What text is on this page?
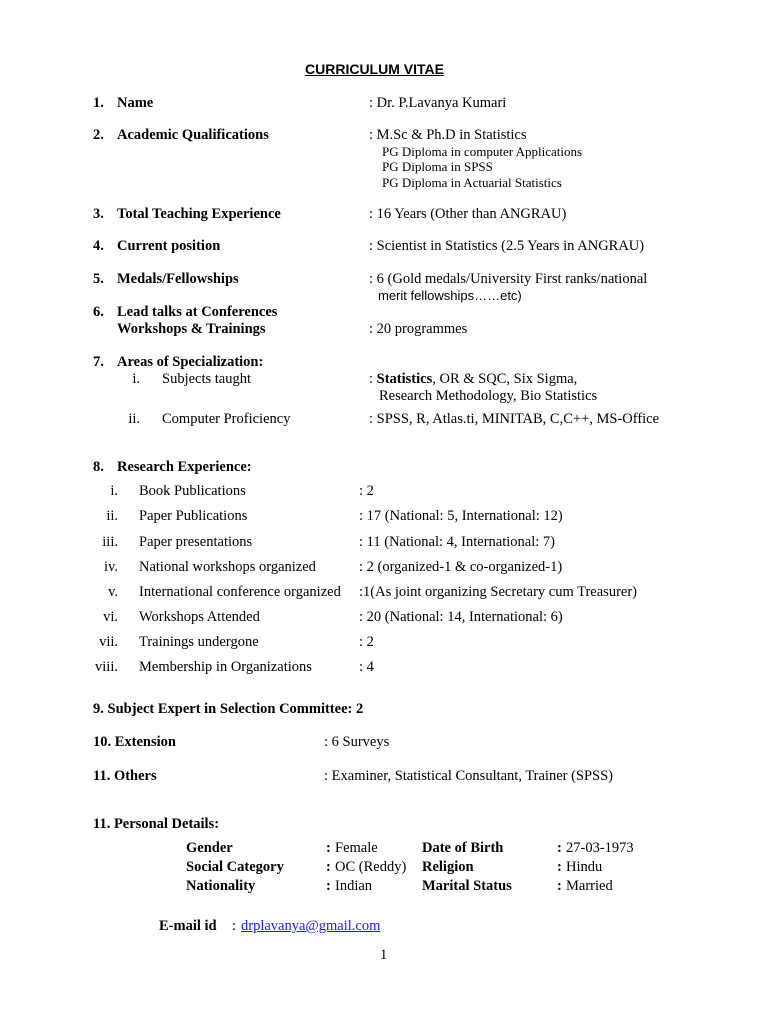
CURRICULUM VITAE
1. Name	: Dr. P.Lavanya Kumari
2. Academic Qualifications	: M.Sc & Ph.D in Statistics
PG Diploma in computer Applications
PG Diploma in SPSS
PG Diploma in Actuarial Statistics
3. Total Teaching Experience	: 16 Years (Other than ANGRAU)
4. Current position	: Scientist in Statistics (2.5 Years in ANGRAU)
5. Medals/Fellowships	: 6 (Gold medals/University First ranks/national
merit fellowships……etc)
6. Lead talks at Conferences
Workshops & Trainings	: 20 programmes
7. Areas of Specialization:
i. Subjects taught	: Statistics, OR & SQC, Six Sigma,
Research Methodology, Bio Statistics
ii. Computer Proficiency	: SPSS, R, Atlas.ti, MINITAB, C,C++, MS-Office
8. Research Experience:
i. Book Publications	: 2
ii. Paper Publications	: 17 (National: 5, International: 12)
iii. Paper presentations	: 11 (National: 4, International: 7)
iv. National workshops organized	: 2 (organized-1 & co-organized-1)
v. International conference organized :1(As joint organizing Secretary cum Treasurer)
vi. Workshops Attended	: 20 (National: 14, International: 6)
vii. Trainings undergone	: 2
viii. Membership in Organizations	: 4
9. Subject Expert in Selection Committee: 2
10. Extension	: 6 Surveys
11. Others	: Examiner, Statistical Consultant, Trainer (SPSS)
11. Personal Details:
Gender	: Female	Date of Birth	: 27-03-1973
Social Category	: OC (Reddy) Religion	: Hindu
Nationality	: Indian	Marital Status	: Married
E-mail id : drplavanya@gmail.com
1
